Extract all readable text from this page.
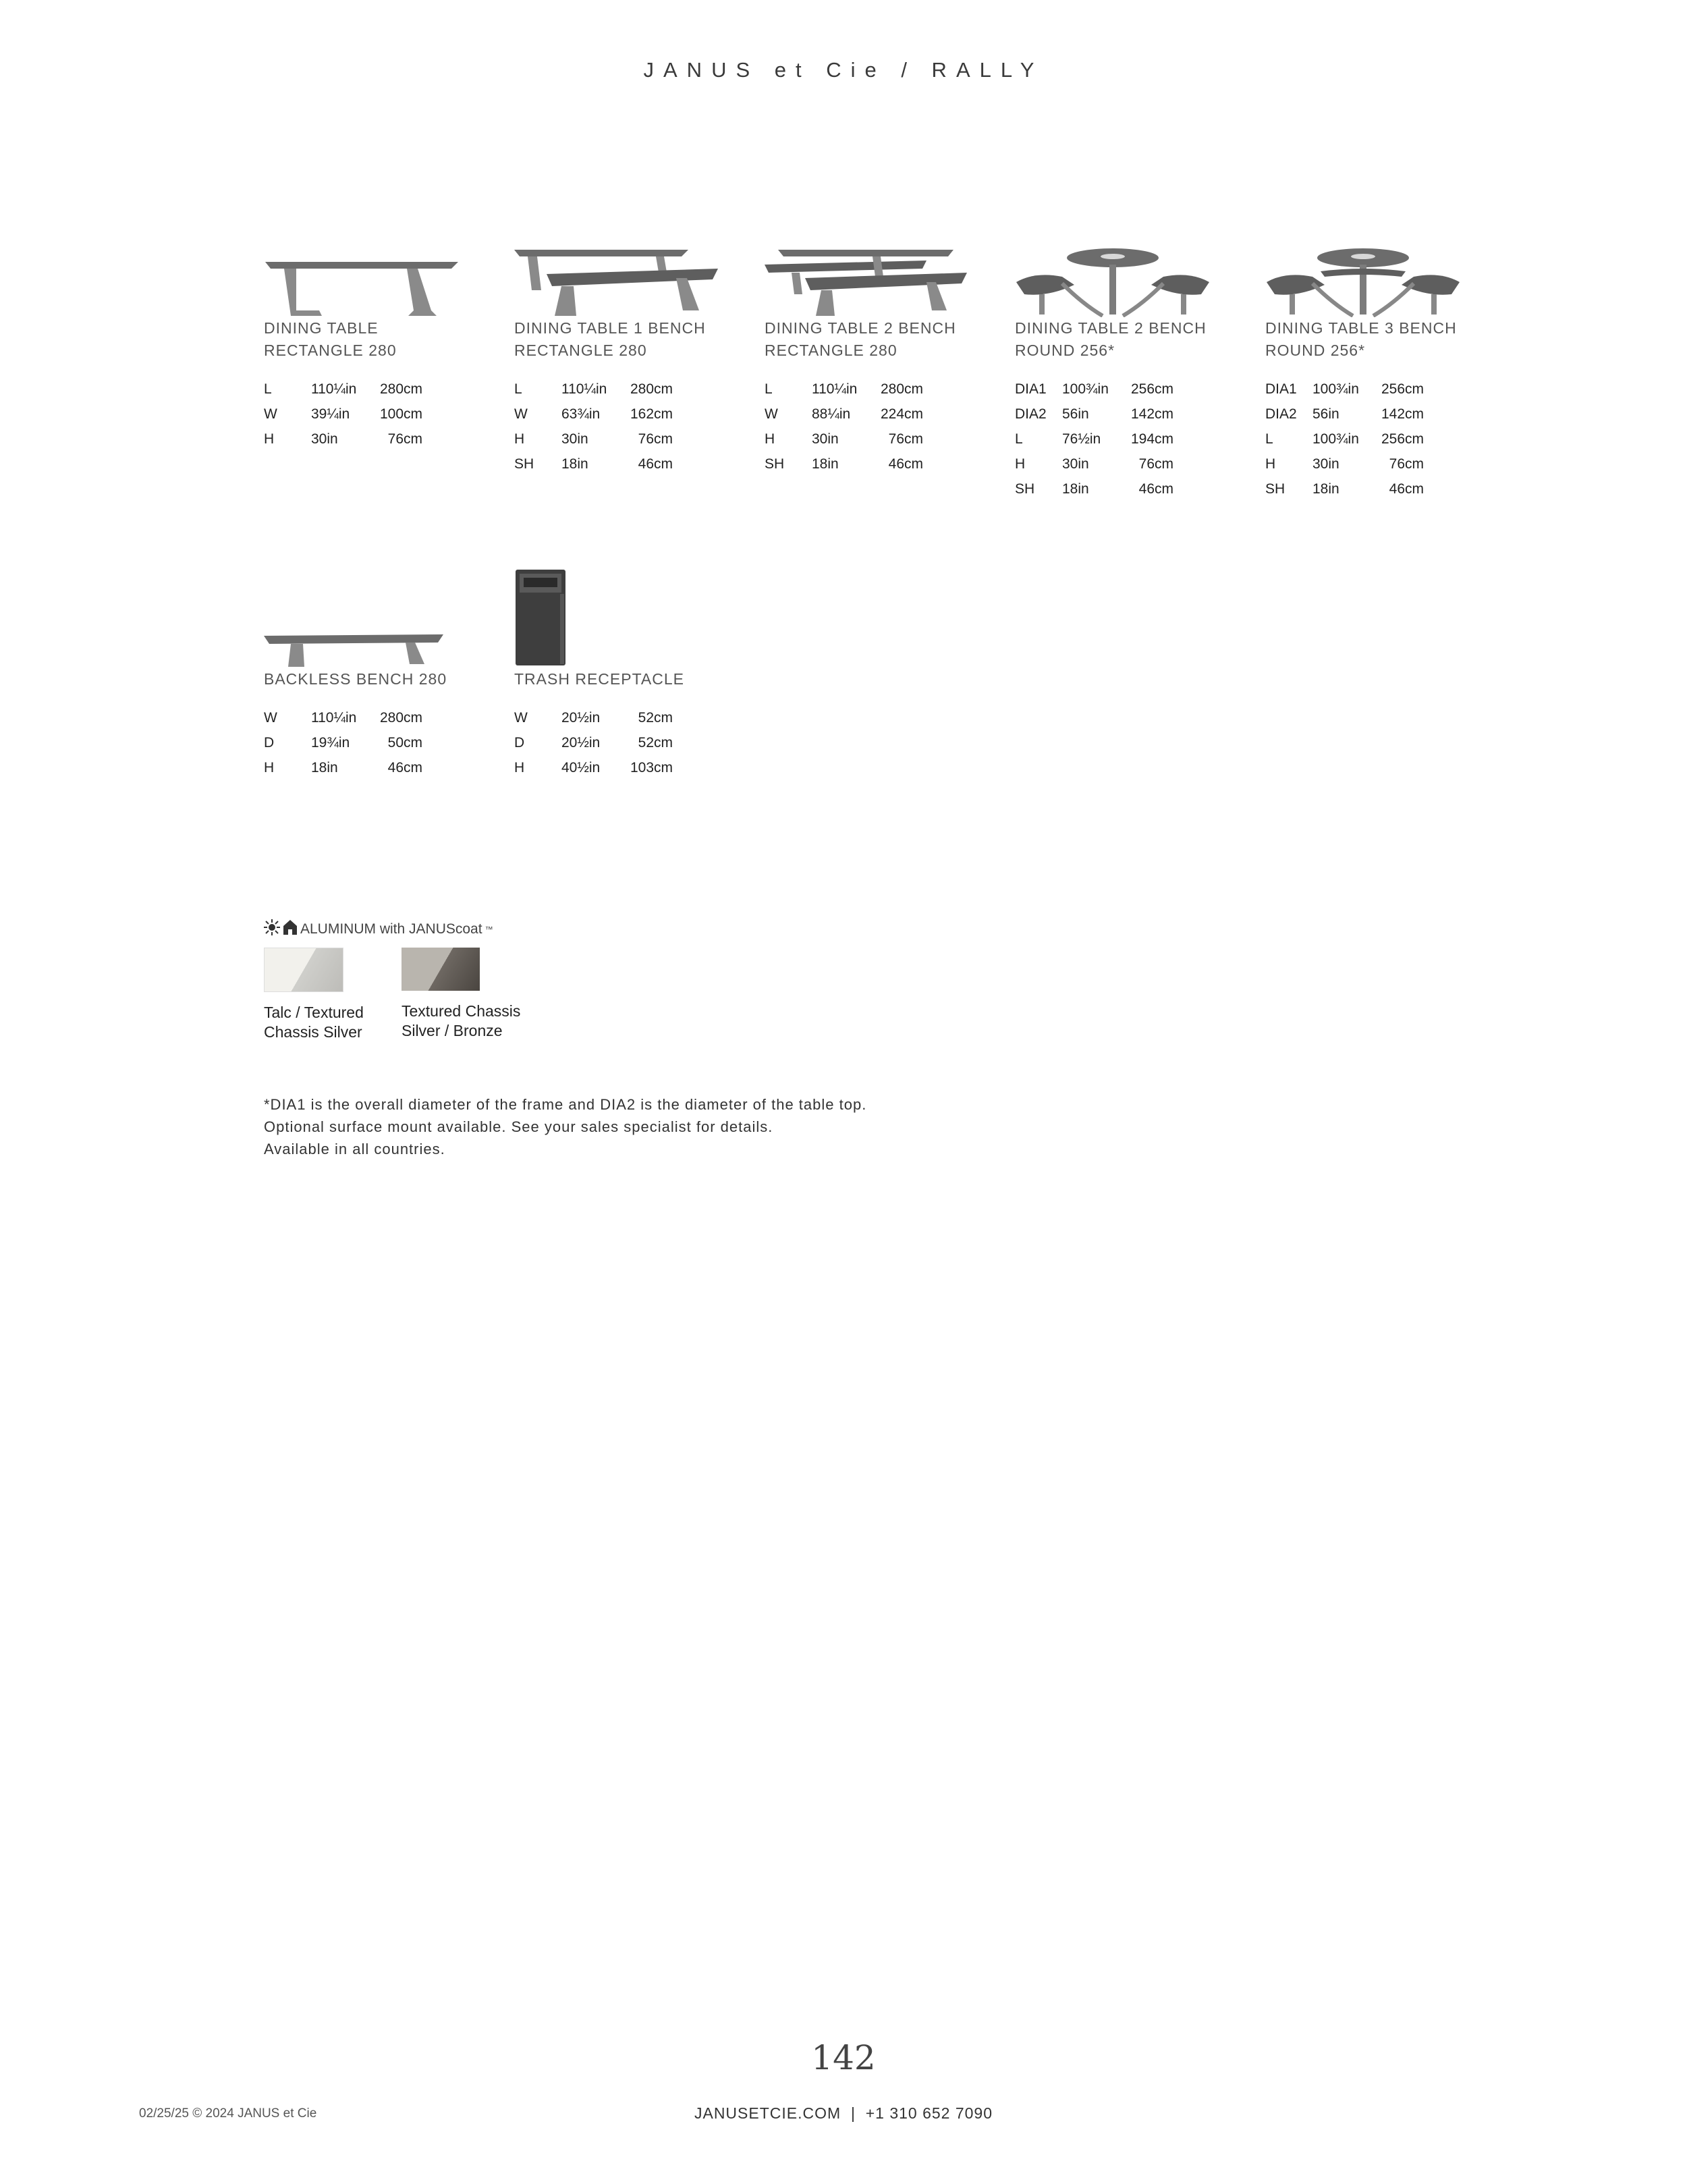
JANUS et Cie / RALLY
DINING TABLE
RECTANGLE 280
L	110¼in	280cm
W	39¼in	100cm
H	30in	76cm
DINING TABLE 1 BENCH
RECTANGLE 280
L	110¼in	280cm
W	63¾in	162cm
H	30in	76cm
SH	18in	46cm
DINING TABLE 2 BENCH
RECTANGLE 280
L	110¼in	280cm
W	88¼in	224cm
H	30in	76cm
SH	18in	46cm
DINING TABLE 2 BENCH
ROUND 256*
DIA1	100¾in	256cm
DIA2	56in	142cm
L	76½in	194cm
H	30in	76cm
SH	18in	46cm
DINING TABLE 3 BENCH
ROUND 256*
DIA1	100¾in	256cm
DIA2	56in	142cm
L	100¾in	256cm
H	30in	76cm
SH	18in	46cm
BACKLESS BENCH 280
W	110¼in	280cm
D	19¾in	50cm
H	18in	46cm
TRASH RECEPTACLE
W	20½in	52cm
D	20½in	52cm
H	40½in	103cm
ALUMINUM with JANUScoat ™
Talc / Textured
Chassis Silver
Textured Chassis
Silver / Bronze
*DIA1 is the overall diameter of the frame and DIA2 is the diameter of the table top.
Optional surface mount available. See your sales specialist for details.
Available in all countries.
142
02/25/25 © 2024 JANUS et Cie	JANUSETCIE.COM  |  +1 310 652 7090
